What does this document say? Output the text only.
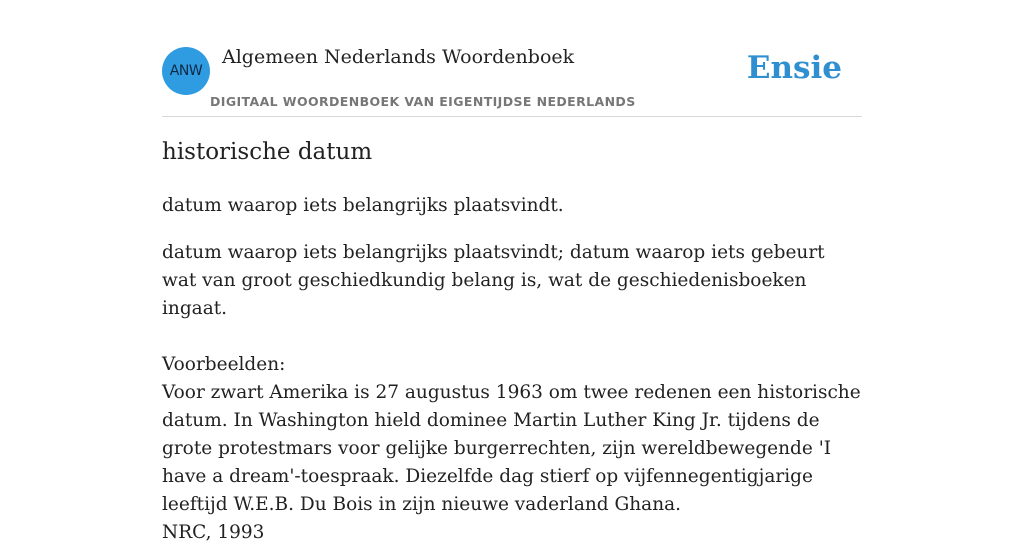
ANW
Algemeen Nederlands Woordenboek
DIGITAAL WOORDENBOEK VAN EIGENTIJDSE NEDERLANDS
Ensie
historische datum
datum waarop iets belangrijks plaatsvindt.

datum waarop iets belangrijks plaatsvindt; datum waarop iets gebeurt wat van groot geschiedkundig belang is, wat de geschiedenisboeken ingaat.

Voorbeelden:

Voor zwart Amerika is 27 augustus 1963 om twee redenen een historische datum. In Washington hield dominee Martin Luther King Jr. tijdens de grote protestmars voor gelijke burgerrechten, zijn wereldbewegende 'I have a dream'-toespraak. Diezelfde dag stierf op vijfennegentigjarige leeftijd W.E.B. Du Bois in zijn nieuwe vaderland Ghana.

NRC, 1993
